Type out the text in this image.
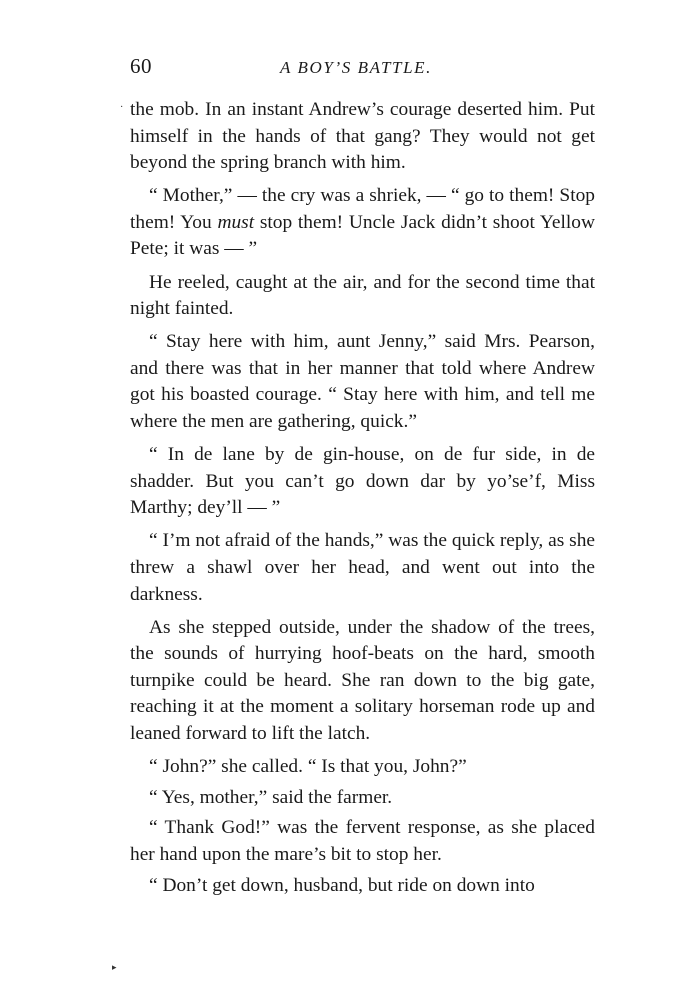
60	A BOY’S BATTLE.
· the mob. In an instant Andrew’s courage deserted him. Put himself in the hands of that gang? They would not get beyond the spring branch with him.

“ Mother,” — the cry was a shriek, — “ go to them! Stop them! You must stop them! Uncle Jack didn’t shoot Yellow Pete; it was — ”

He reeled, caught at the air, and for the second time that night fainted.

“ Stay here with him, aunt Jenny,” said Mrs. Pearson, and there was that in her manner that told where Andrew got his boasted courage. “ Stay here with him, and tell me where the men are gathering, quick.”

“ In de lane by de gin-house, on de fur side, in de shadder. But you can’t go down dar by yo’se’f, Miss Marthy; dey’ll — ”

“ I’m not afraid of the hands,” was the quick reply, as she threw a shawl over her head, and went out into the darkness.

As she stepped outside, under the shadow of the trees, the sounds of hurrying hoof-beats on the hard, smooth turnpike could be heard. She ran down to the big gate, reaching it at the moment a solitary horseman rode up and leaned forward to lift the latch.

“ John?” she called. “ Is that you, John?”

“ Yes, mother,” said the farmer.

“ Thank God!” was the fervent response, as she placed her hand upon the mare’s bit to stop her.

“ Don’t get down, husband, but ride on down into

▸
